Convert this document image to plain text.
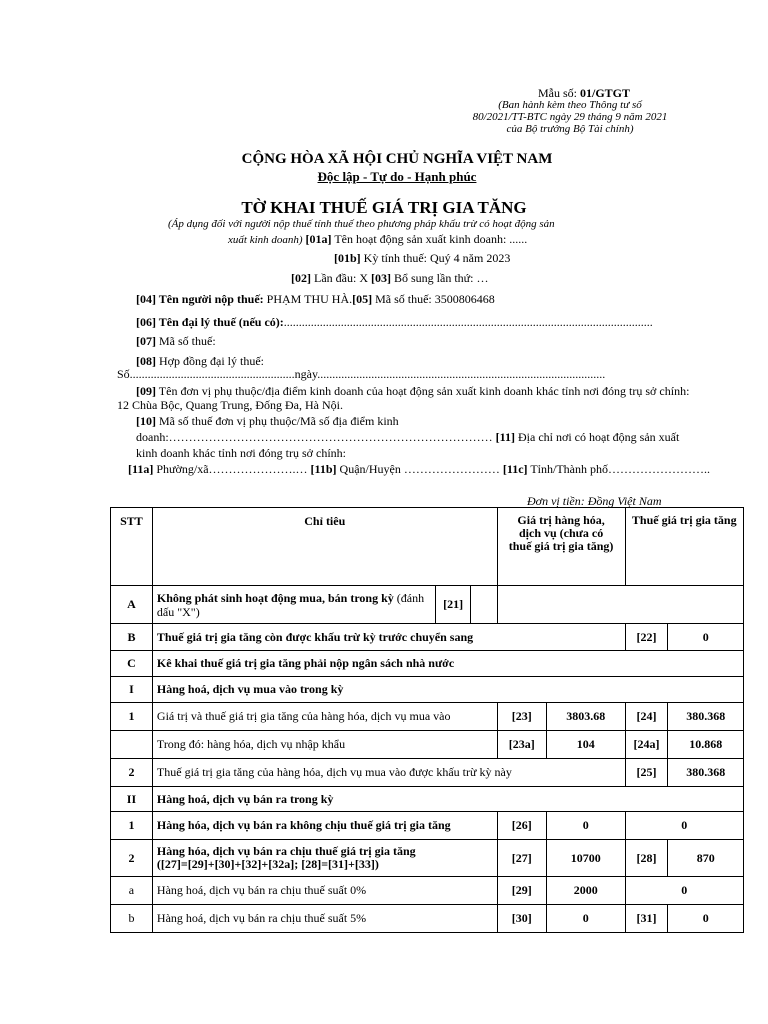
Mẫu số: 01/GTGT
(Ban hành kèm theo Thông tư số
80/2021/TT-BTC ngày 29 tháng 9 năm 2021
của Bộ trưởng Bộ Tài chính)
CỘNG HÒA XÃ HỘI CHỦ NGHĨA VIỆT NAM
Độc lập - Tự do - Hạnh phúc
TỜ KHAI THUẾ GIÁ TRỊ GIA TĂNG
(Áp dụng đối với người nộp thuế tính thuế theo phương pháp khấu trừ có hoạt động sản
xuất kinh doanh) [01a] Tên hoạt động sản xuất kinh doanh: ......
[01b] Kỳ tính thuế: Quý 4 năm 2023
[02] Lần đầu: X [03] Bổ sung lần thứ: …
[04] Tên người nộp thuế: PHẠM THU HÀ.[05] Mã số thuế: 3500806468
[06] Tên đại lý thuế (nếu có):...........................................................................................................................
[07] Mã số thuế:
[08] Hợp đồng đại lý thuế:
Số.......................................................ngày................................................................................................
[09] Tên đơn vị phụ thuộc/địa điểm kinh doanh của hoạt động sản xuất kinh doanh khác tỉnh nơi đóng trụ sở chính:
12 Chùa Bộc, Quang Trung, Đống Đa, Hà Nội.
[10] Mã số thuế đơn vị phụ thuộc/Mã số địa điểm kinh
doanh:……………………………………………………………………… [11] Địa chỉ nơi có hoạt động sản xuất
kinh doanh khác tỉnh nơi đóng trụ sở chính:
[11a] Phường/xã………………….… [11b] Quận/Huyện …………………… [11c] Tỉnh/Thành phố……………………..
Đơn vị tiền: Đồng Việt Nam
STT	Chỉ tiêu			Giá trị hàng hóa, dịch vụ (chưa có thuế giá trị gia tăng)		Thuế giá trị gia tăng	
A	Không phát sinh hoạt động mua, bán trong kỳ (đánh dấu "X")	[21]					
B	Thuế giá trị gia tăng còn được khấu trừ kỳ trước chuyển sang					[22]	0
C	Kê khai thuế giá trị gia tăng phải nộp ngân sách nhà nước						
I	Hàng hoá, dịch vụ mua vào trong kỳ						
1	Giá trị và thuế giá trị gia tăng của hàng hóa, dịch vụ mua vào			[23]	3803.68	[24]	380.368
	Trong đó: hàng hóa, dịch vụ nhập khẩu			[23a]	104	[24a]	10.868
2	Thuế giá trị gia tăng của hàng hóa, dịch vụ mua vào được khấu trừ kỳ này					[25]	380.368
II	Hàng hoá, dịch vụ bán ra trong kỳ						
1	Hàng hóa, dịch vụ bán ra không chịu thuế giá trị gia tăng			[26]	0	0	
2	Hàng hóa, dịch vụ bán ra chịu thuế giá trị gia tăng
([27]=[29]+[30]+[32]+[32a]; [28]=[31]+[33])			[27]	10700	[28]	870
a	Hàng hoá, dịch vụ bán ra chịu thuế suất 0%			[29]	2000	0	
b	Hàng hoá, dịch vụ bán ra chịu thuế suất 5%			[30]	0	[31]	0
